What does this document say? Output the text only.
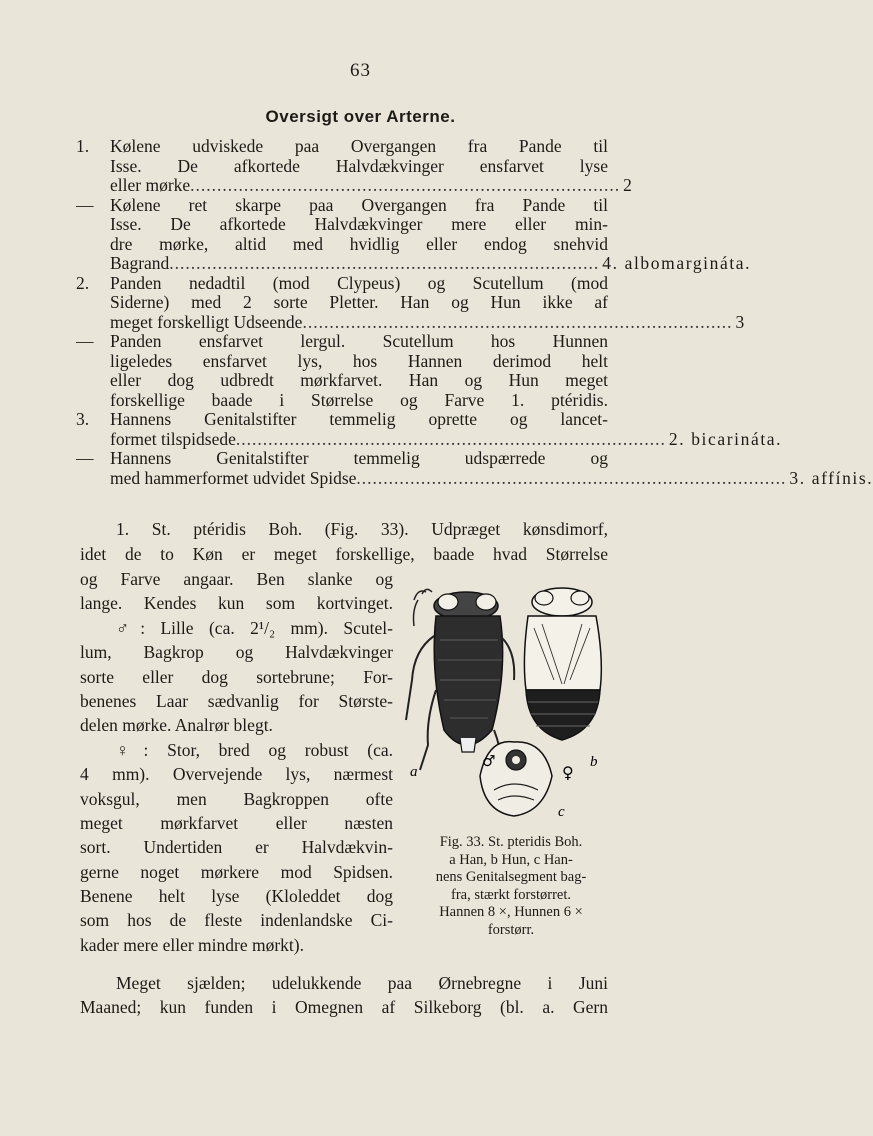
63
Oversigt over Arterne.
1.	Kølene udviskede paa Overgangen fra Pande til
Isse. De afkortede Halvdækvinger ensfarvet lyse
eller mørke .....	2
— Kølene ret skarpe paa Overgangen fra Pande til
Isse. De afkortede Halvdækvinger mere eller min-
dre mørke, altid med hvidlig eller endog snehvid
Bagrand .....	4. albomargináta.
2.	Panden nedadtil (mod Clypeus) og Scutellum (mod
Siderne) med 2 sorte Pletter. Han og Hun ikke af
meget forskelligt Udseende .....	3
— Panden ensfarvet lergul. Scutellum hos Hunnen
ligeledes ensfarvet lys, hos Hannen derimod helt
eller dog udbredt mørkfarvet. Han og Hun meget
forskellige baade i Størrelse og Farve 1. ptéridis.
3.	Hannens Genitalstifter temmelig oprette og lancet-
formet tilspidsede .....	2. bicarináta.
— Hannens Genitalstifter temmelig udspærrede og
med hammerformet udvidet Spidse .....	3. affínis.
1. St. ptéridis Boh. (Fig. 33). Udpræget kønsdimorf,
idet de to Køn er meget forskellige, baade hvad Størrelse
og Farve angaar. Ben slanke og
lange. Kendes kun som kortvinget.
♂: Lille (ca. 2¹/₂ mm). Scutel-
lum, Bagkrop og Halvdækvinger
sorte eller dog sortebrune; For-
benenes Laar sædvanlig for Største-
delen mørke. Analrør blegt.
♀: Stor, bred og robust (ca.
4 mm). Overvejende lys, nærmest
voksgul, men Bagkroppen ofte
meget mørkfarvet eller næsten
sort. Undertiden er Halvdækvin-
gerne noget mørkere mod Spidsen.
Benene helt lyse (Kloleddet dog
som hos de fleste indenlandske Ci-
kader mere eller mindre mørkt).
a
♂
♀
b
c
Fig. 33. St. pteridis Boh.
a Han, b Hun, c Han-
nens Genitalsegment bag-
fra, stærkt forstørret.
Hannen 8 ×, Hunnen 6 ×
forstørr.
Meget sjælden; udelukkende paa Ørnebregne i Juni
Maaned; kun funden i Omegnen af Silkeborg (bl. a. Gern
